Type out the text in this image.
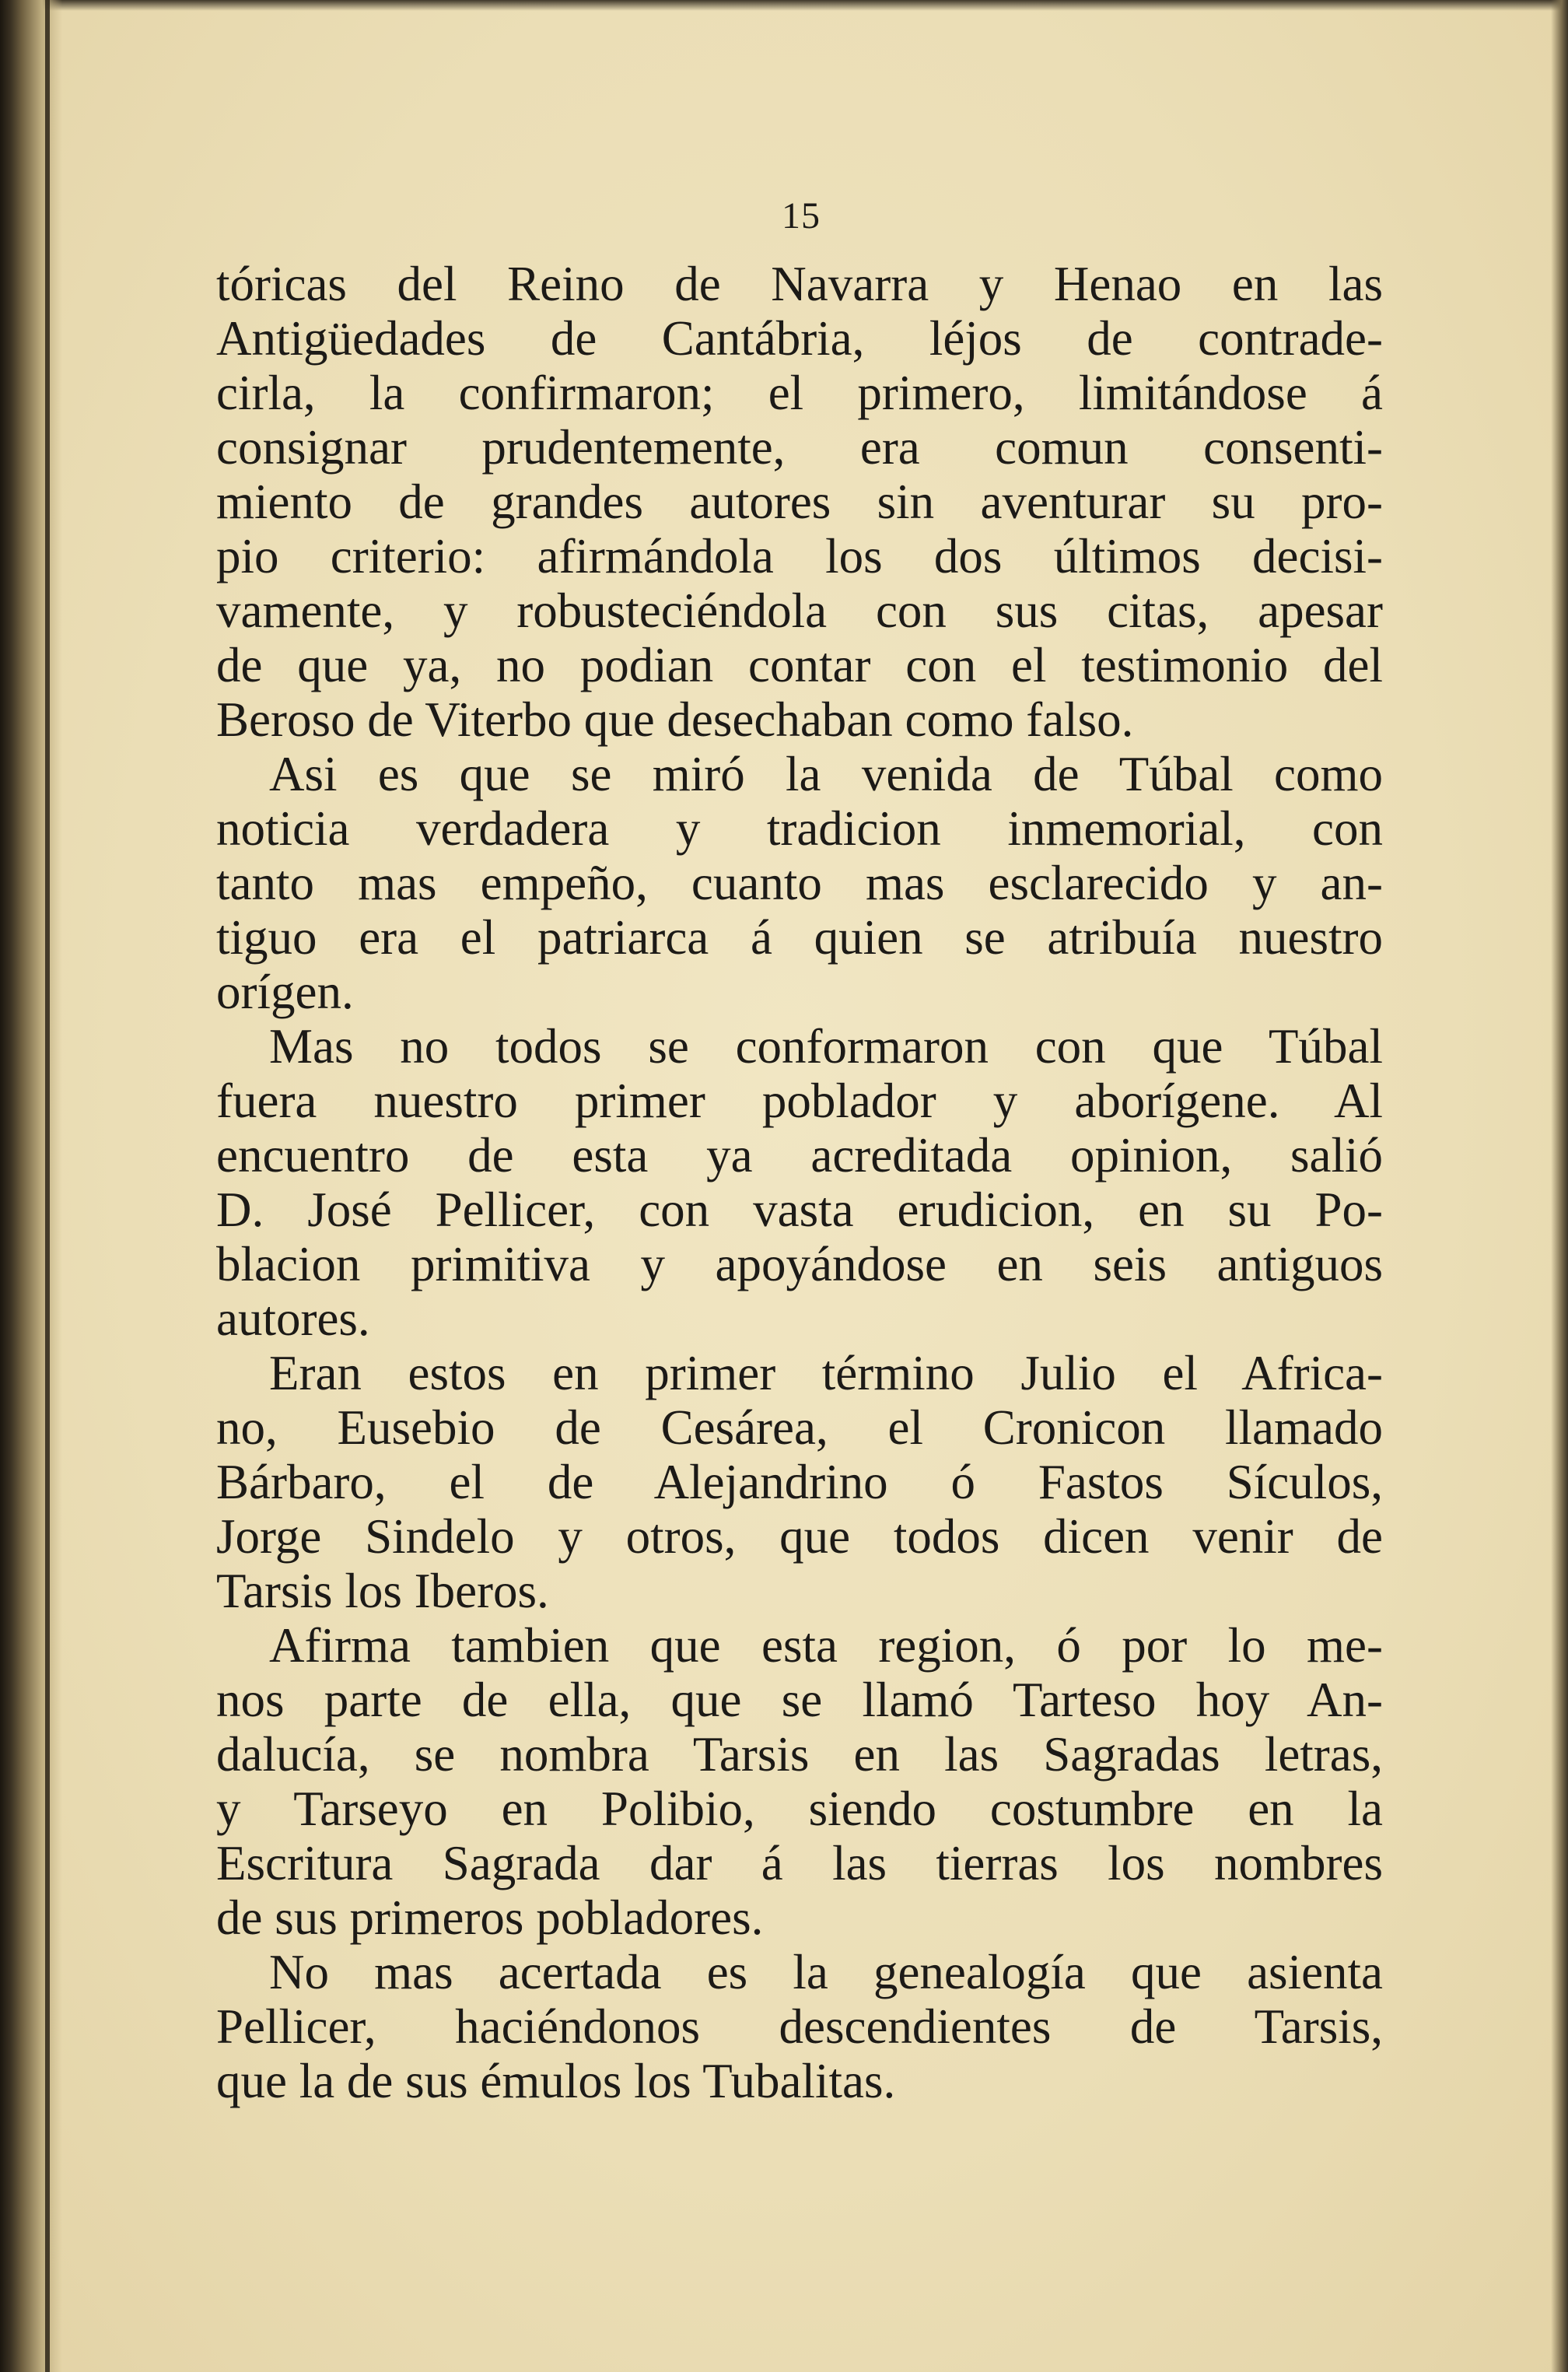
15
tóricas del Reino de Navarra y Henao en las
Antigüedades de Cantábria, léjos de contrade-
cirla, la confirmaron; el primero, limitándose á
consignar prudentemente, era comun consenti-
miento de grandes autores sin aventurar su pro-
pio criterio: afirmándola los dos últimos decisi-
vamente, y robusteciéndola con sus citas, apesar
de que ya, no podian contar con el testimonio del
Beroso de Viterbo que desechaban como falso.
Asi es que se miró la venida de Túbal como
noticia verdadera y tradicion inmemorial, con
tanto mas empeño, cuanto mas esclarecido y an-
tiguo era el patriarca á quien se atribuía nuestro
orígen.
Mas no todos se conformaron con que Túbal
fuera nuestro primer poblador y aborígene. Al
encuentro de esta ya acreditada opinion, salió
D. José Pellicer, con vasta erudicion, en su Po-
blacion primitiva y apoyándose en seis antiguos
autores.
Eran estos en primer término Julio el Africa-
no, Eusebio de Cesárea, el Cronicon llamado
Bárbaro, el de Alejandrino ó Fastos Sículos,
Jorge Sindelo y otros, que todos dicen venir de
Tarsis los Iberos.
Afirma tambien que esta region, ó por lo me-
nos parte de ella, que se llamó Tarteso hoy An-
dalucía, se nombra Tarsis en las Sagradas letras,
y Tarseyo en Polibio, siendo costumbre en la
Escritura Sagrada dar á las tierras los nombres
de sus primeros pobladores.
No mas acertada es la genealogía que asienta
Pellicer, haciéndonos descendientes de Tarsis,
que la de sus émulos los Tubalitas.
